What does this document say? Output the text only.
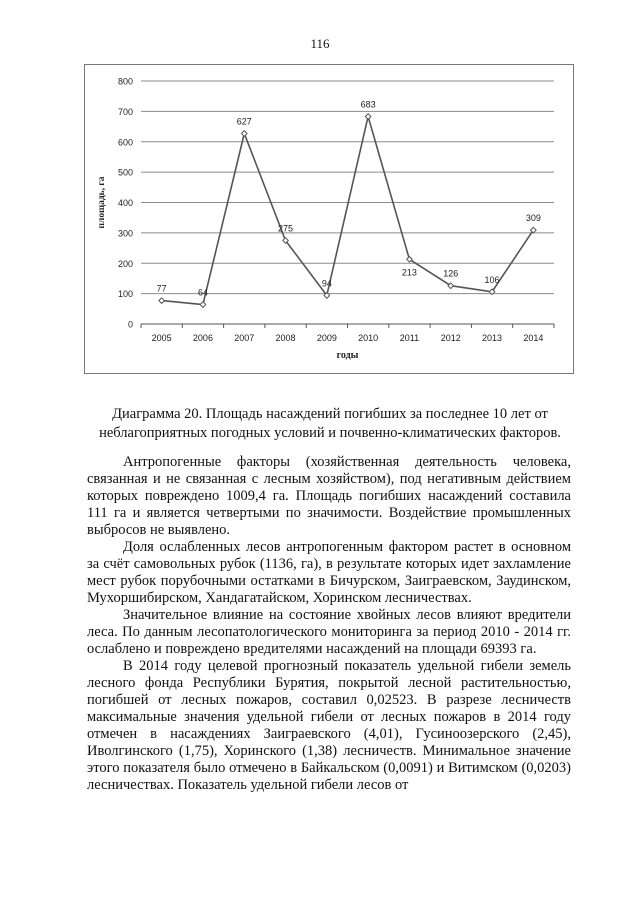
116
0
100
200
300
400
500
600
700
800
2005 2006 2007 2008 2009 2010 2011 2012 2013 2014
77	64
627
275
94
683
213	126
106
309
площадь, га
годы
Диаграмма 20. Площадь насаждений погибших за последнее 10 лет от
неблагоприятных погодных условий и почвенно-климатических факторов.

Антропогенные факторы (хозяйственная деятельность человека, связанная и не связанная с лесным хозяйством), под негативным действием которых повреждено 1009,4 га. Площадь погибших насаждений составила 111 га и является четвертыми по значимости. Воздействие промышленных выбросов не выявлено.

Доля ослабленных лесов антропогенным фактором растет в основном за счёт самовольных рубок (1136, га), в результате которых идет захламление мест рубок порубочными остатками в Бичурском, Заиграевском, Заудинском, Мухоршибирском, Хандагатайском, Хоринском лесничествах.

Значительное влияние на состояние хвойных лесов влияют вредители леса. По данным лесопатологического мониторинга за период 2010 - 2014 гг. ослаблено и повреждено вредителями насаждений на площади 69393 га.

В 2014 году целевой прогнозный показатель удельной гибели земель лесного фонда Республики Бурятия, покрытой лесной растительностью, погибшей от лесных пожаров, составил 0,02523. В разрезе лесничеств максимальные значения удельной гибели от лесных пожаров в 2014 году отмечен в насаждениях Заиграевского (4,01), Гусиноозерского (2,45), Иволгинского (1,75), Хоринского (1,38) лесничеств. Минимальное значение этого показателя было отмечено в Байкальском (0,0091) и Витимском (0,0203) лесничествах. Показатель удельной гибели лесов от
